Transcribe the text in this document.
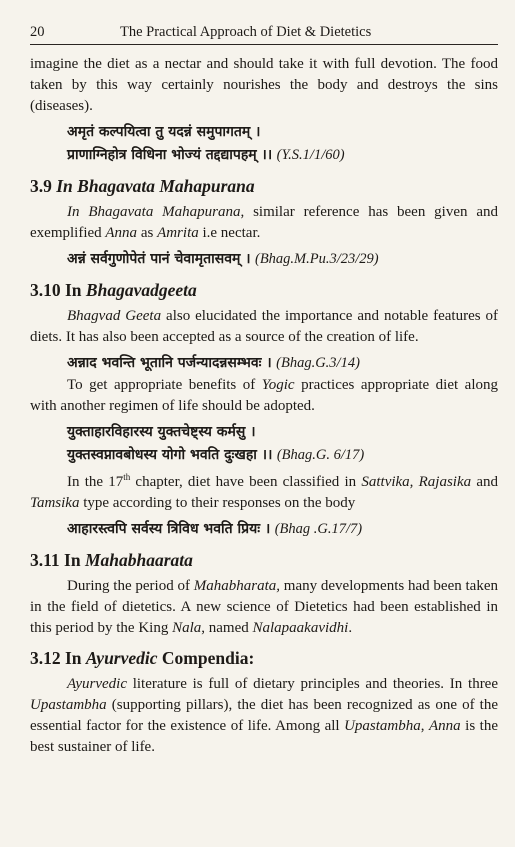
20	The Practical Approach of Diet & Dietetics

imagine the diet as a nectar and should take it with full devotion. The food taken by this way certainly nourishes the body and destroys the sins (diseases).

अमृतं कल्पयित्वा तु यदन्नं समुपागतम् ।
प्राणाग्निहोत्र विधिना भोज्यं तद्दद्यापहम् ।। (Y.S.1/1/60)
3.9 In Bhagavata Mahapurana

In Bhagavata Mahapurana, similar reference has been given and exemplified Anna as Amrita i.e nectar.

अन्नं सर्वगुणोपेतं पानं चेवामृतासवम् । (Bhag.M.Pu.3/23/29)
3.10 In Bhagavadgeeta

Bhagvad Geeta also elucidated the importance and notable features of diets. It has also been accepted as a source of the creation of life.

अन्नाद भवन्ति भूतानि पर्जन्यादन्नसम्भवः । (Bhag.G.3/14)

To get appropriate benefits of Yogic practices appropriate diet along with another regimen of life should be adopted.

युक्ताहारविहारस्य युक्तचेष्ट्स्य कर्मसु ।
युक्तस्वप्नावबोधस्य योगो भवति दुःखहा ।। (Bhag.G. 6/17)

In the 17th chapter, diet have been classified in Sattvika, Rajasika and Tamsika type according to their responses on the body

आहारस्त्वपि सर्वस्य त्रिविध भवति प्रियः । (Bhag .G.17/7)
3.11 In Mahabhaarata

During the period of Mahabharata, many developments had been taken in the field of dietetics. A new science of Dietetics had been established in this period by the King Nala, named Nalapaakavidhi.

3.12 In Ayurvedic Compendia:

Ayurvedic literature is full of dietary principles and theories. In three Upastambha (supporting pillars), the diet has been recognized as one of the essential factor for the existence of life. Among all Upastambha, Anna is the best sustainer of life.
